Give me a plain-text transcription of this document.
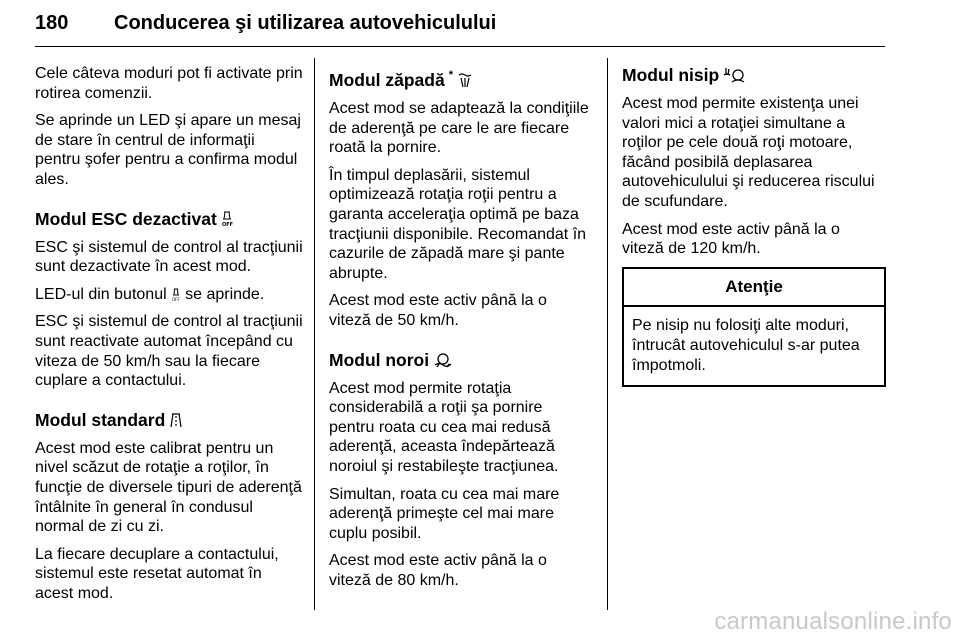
180 Conducerea şi utilizarea autovehiculului

Cele câteva moduri pot fi activate prin rotirea comenzii.

Se aprinde un LED şi apare un mesaj de stare în centrul de informaţii pentru şofer pentru a confirma modul ales.

Modul ESC dezactivat OFF

ESC şi sistemul de control al tracţiunii sunt dezactivate în acest mod.

LED-ul din butonul OFF se aprinde.

ESC şi sistemul de control al tracţiunii sunt reactivate automat începând cu viteza de 50 km/h sau la fiecare cuplare a contactului.

Modul standard

Acest mod este calibrat pentru un nivel scăzut de rotaţie a roţilor, în funcţie de diversele tipuri de aderenţă întâlnite în general în condusul normal de zi cu zi.

La fiecare decuplare a contactului, sistemul este resetat automat în acest mod.

Modul zăpadă *

Acest mod se adaptează la condiţiile de aderenţă pe care le are fiecare roată la pornire.

În timpul deplasării, sistemul optimizează rotaţia roţii pentru a garanta acceleraţia optimă pe baza tracţiunii disponibile. Recomandat în cazurile de zăpadă mare şi pante abrupte.

Acest mod este activ până la o viteză de 50 km/h.

Modul noroi

Acest mod permite rotaţia considerabilă a roţii şa pornire pentru roata cu cea mai redusă aderenţă, aceasta îndepărtează noroiul şi restabileşte tracţiunea.

Simultan, roata cu cea mai mare aderenţă primeşte cel mai mare cuplu posibil.

Acest mod este activ până la o viteză de 80 km/h.

Modul nisip

Acest mod permite existenţa unei valori mici a rotaţiei simultane a roţilor pe cele două roţi motoare, făcând posibilă deplasarea autovehiculului şi reducerea riscului de scufundare.

Acest mod este activ până la o viteză de 120 km/h.

Atenţie
Pe nisip nu folosiţi alte moduri, întrucât autovehiculul s-ar putea împotmoli.
carmanualsonline.info
